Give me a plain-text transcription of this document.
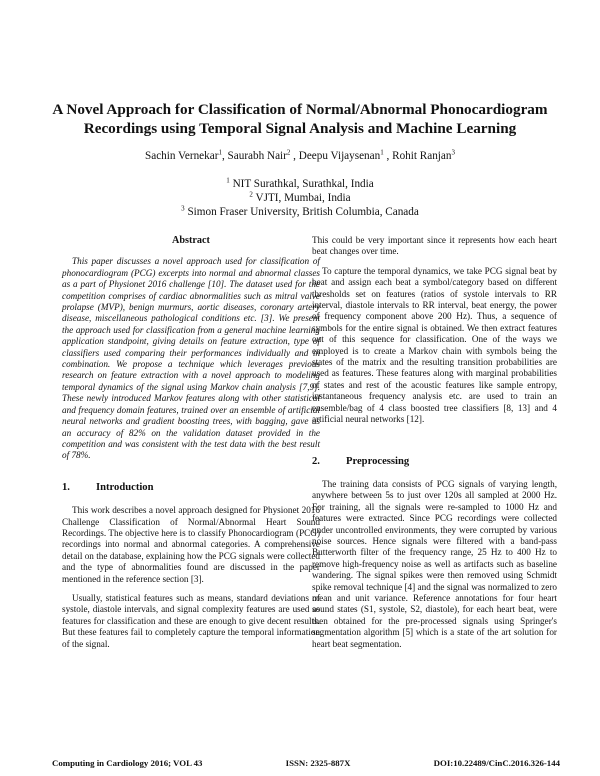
A Novel Approach for Classification of Normal/Abnormal Phonocardiogram
Recordings using Temporal Signal Analysis and Machine Learning
Sachin Vernekar$^1$, Saurabh Nair$^2$ , Deepu Vijaysenan$^1$ , Rohit Ranjan$^3$
$^1$ NIT Surathkal, Surathkal, India
$^2$ VJTI, Mumbai, India
$^3$ Simon Fraser University, British Columbia, Canada
Abstract

This paper discusses a novel approach used for classification of phonocardiogram (PCG) excerpts into normal and abnormal classes as a part of Physionet 2016 challenge [10]. The dataset used for the competition comprises of cardiac abnormalities such as mitral valve prolapse (MVP), benign murmurs, aortic diseases, coronary artery disease, miscellaneous pathological conditions etc. [3]. We present the approach used for classification from a general machine learning application standpoint, giving details on feature extraction, type of classifiers used comparing their performances individually and in combination. We propose a technique which leverages previous research on feature extraction with a novel approach to modeling temporal dynamics of the signal using Markov chain analysis [7,9]. These newly introduced Markov features along with other statistical and frequency domain features, trained over an ensemble of artificial neural networks and gradient boosting trees, with bagging, gave us an accuracy of 82% on the validation dataset provided in the competition and was consistent with the test data with the best result of 78%.

1.	Introduction

This work describes a novel approach designed for Physionet 2016 Challenge Classification of Normal/Abnormal Heart Sound Recordings. The objective here is to classify Phonocardiogram (PCG) recordings into normal and abnormal categories. A comprehensive detail on the database, explaining how the PCG signals were collected and the type of abnormalities found are discussed in the paper mentioned in the reference section [3].

Usually, statistical features such as means, standard deviations of systole, diastole intervals, and signal complexity features are used as features for classification and these are enough to give decent results. But these features fail to completely capture the temporal information of the signal.

This could be very important since it represents how each heart beat changes over time.

To capture the temporal dynamics, we take PCG signal beat by beat and assign each beat a symbol/category based on different thresholds set on features (ratios of systole intervals to RR interval, diastole intervals to RR interval, beat energy, the power of frequency component above 200 Hz). Thus, a sequence of symbols for the entire signal is obtained. We then extract features out of this sequence for classification. One of the ways we employed is to create a Markov chain with symbols being the states of the matrix and the resulting transition probabilities are used as features. These features along with marginal probabilities of states and rest of the acoustic features like sample entropy, instantaneous frequency analysis etc. are used to train an ensemble/bag of 4 class boosted tree classifiers [8, 13] and 4 artificial neural networks [12].

2.	Preprocessing

The training data consists of PCG signals of varying length, anywhere between 5s to just over 120s all sampled at 2000 Hz. For training, all the signals were re-sampled to 1000 Hz and features were extracted. Since PCG recordings were collected under uncontrolled environments, they were corrupted by various noise sources. Hence signals were filtered with a band-pass Butterworth filter of the frequency range, 25 Hz to 400 Hz to remove high-frequency noise as well as artifacts such as baseline wandering. The signal spikes were then removed using Schmidt spike removal technique [4] and the signal was normalized to zero mean and unit variance. Reference annotations for four heart sound states (S1, systole, S2, diastole), for each heart beat, were then obtained for the pre-processed signals using Springer's segmentation algorithm [5] which is a state of the art solution for heart beat segmentation.

Computing in Cardiology 2016; VOL 43	ISSN: 2325-887X	DOI:10.22489/CinC.2016.326-144
